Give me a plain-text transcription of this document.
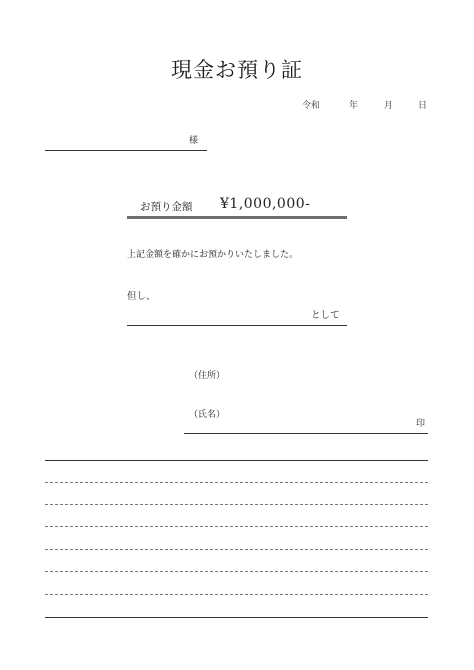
現金お預り証
令和	年	月	日
様
お預り金額 ¥1,000,000-
上記金額を確かにお預かりいたしました。
但し、
として
（住所）
（氏名）
印
